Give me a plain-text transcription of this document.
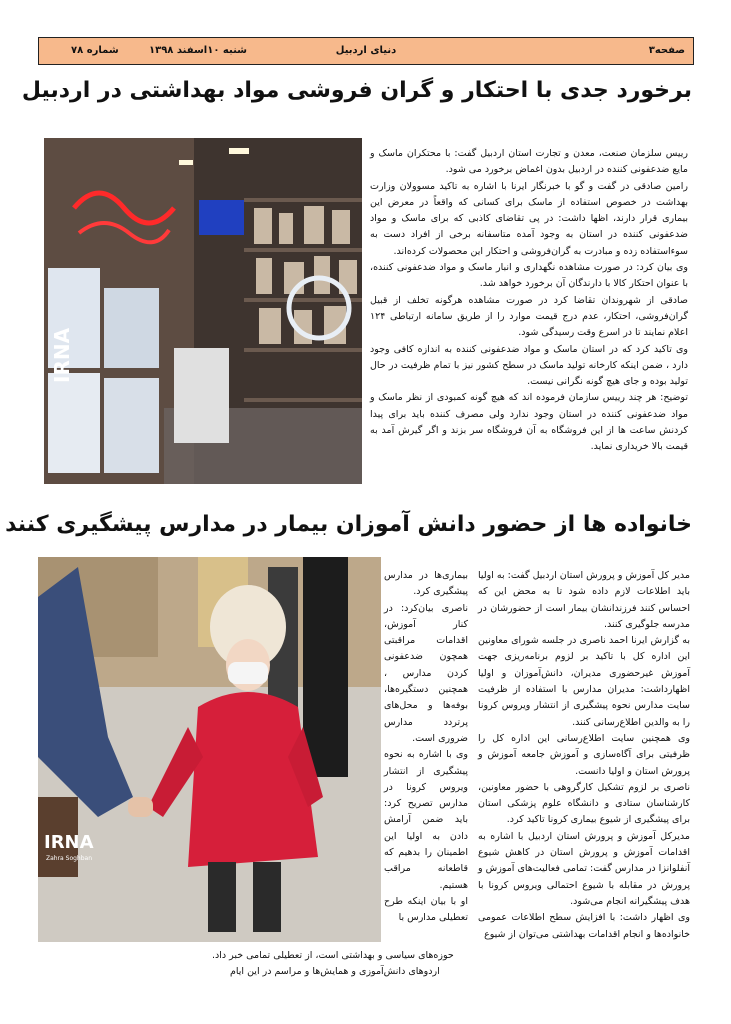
صفحه۳
دنیای اردبیل
شنبه ۱۰اسفند ۱۳۹۸
شماره ۷۸
برخورد جدی با احتکار و گران فروشی مواد بهداشتی در اردبیل
IRNA

رییس سلزمان صنعت، معدن و تجارت استان اردبیل گفت: با محتکران ماسک و مایع ضدعفونی کننده در اردبیل بدون اغماض برخورد می شود.

رامین صادقی در گفت و گو با خبرنگار ایرنا با اشاره به تاکید مسوولان وزارت بهداشت در خصوص استفاده از ماسک برای کسانی که واقعاً در معرض این بیماری قرار دارند، اظها داشت: در پی تقاضای کاذبی که برای ماسک و مواد ضدعفونی کننده در استان به وجود آمده متاسفانه برخی از افراد دست به سوءاستفاده زده و مبادرت به گران‌فروشی و احتکار این محصولات کرده‌اند.

وی بیان کرد: در صورت مشاهده نگهداری و انبار ماسک و مواد ضدعفونی کننده، با عنوان احتکار کالا با دارندگان آن برخورد خواهد شد.

صادقی از شهروندان تقاضا کرد در صورت مشاهده هرگونه تخلف از قبیل گران‌فروشی، احتکار، عدم درج قیمت موارد را از طریق سامانه ارتباطی ۱۲۴ اعلام نمایند تا در اسرع وقت رسیدگی شود.

وی تاکید کرد که در استان ماسک و مواد ضدعفونی کننده به اندازه کافی وجود دارد ، ضمن اینکه کارخانه تولید ماسک در سطح کشور نیز با تمام ظرفیت در حال تولید بوده و جای هیچ گونه نگرانی نیست.

توضیح: هر چند رییس سازمان فرموده اند که هیچ گونه کمبودی از نظر ماسک و مواد ضدعفونی کننده در استان وجود ندارد ولی مصرف کننده باید برای پیدا کردنش ساعت ها از این فروشگاه به آن فروشگاه سر بزند و اگر گیرش آمد به قیمت بالا خریداری نماید.

خانواده ها از حضور دانش آموزان بیمار در مدارس پیشگیری کنند
IRNA
Zahra Soghban

مدیر کل آموزش و پرورش استان اردبیل گفت: به اولیا باید اطلاعات لازم داده شود تا به محض این که احساس کنند فرزندانشان بیمار است از حضورشان در مدرسه جلوگیری کنند.

به گزارش ایرنا احمد ناصری در جلسه شورای معاونین این اداره کل با تاکید بر لزوم برنامه‌ریزی جهت آموزش غیرحضوری مدیران، دانش‌آموزان و اولیا اظهارداشت: مدیران مدارس با استفاده از ظرفیت سایت مدارس نحوه پیشگیری از انتشار ویروس کرونا را به والدین اطلاع‌رسانی کنند.

وی همچنین سایت اطلاع‌رسانی این اداره کل را ظرفیتی برای آگاه‌سازی و آموزش جامعه آموزش و پرورش استان و اولیا دانست.

ناصری بر لزوم تشکیل کارگروهی با حضور معاونین، کارشناسان ستادی و دانشگاه علوم پزشکی استان برای پیشگیری از شیوع بیماری کرونا تاکید کرد.

مدیرکل آموزش و پرورش استان اردبیل با اشاره به اقدامات آموزش و پرورش استان در کاهش شیوع آنفلوانزا در مدارس گفت: تمامی فعالیت‌های آموزش و پرورش در مقابله با شیوع احتمالی ویروس کرونا با هدف پیشگیرانه انجام می‌شود.

وی اظهار داشت: با افزایش سطح اطلاعات عمومی خانواده‌ها و انجام اقدامات بهداشتی می‌توان از شیوع

بیماری‌ها در مدارس پیشگیری کرد.

ناصری بیان‌کرد: در کنار آموزش، اقدامات مراقبتی همچون ضدعفونی کردن مدارس ، همچنین دستگیره‌ها، بوفه‌ها و محل‌های پرتردد مدارس ضروری است.

وی با اشاره به نحوه پیشگیری از انتشار ویروس کرونا در مدارس تصریح کرد: باید ضمن آرامش دادن به اولیا این اطمینان را بدهیم که قاطعانه مراقب هستیم.

او با بیان اینکه طرح تعطیلی مدارس با

حوزه‌های سیاسی و بهداشتی است، از تعطیلی تمامی خبر داد.
اردوهای دانش‌آموزی و همایش‌ها و مراسم در این ایام
